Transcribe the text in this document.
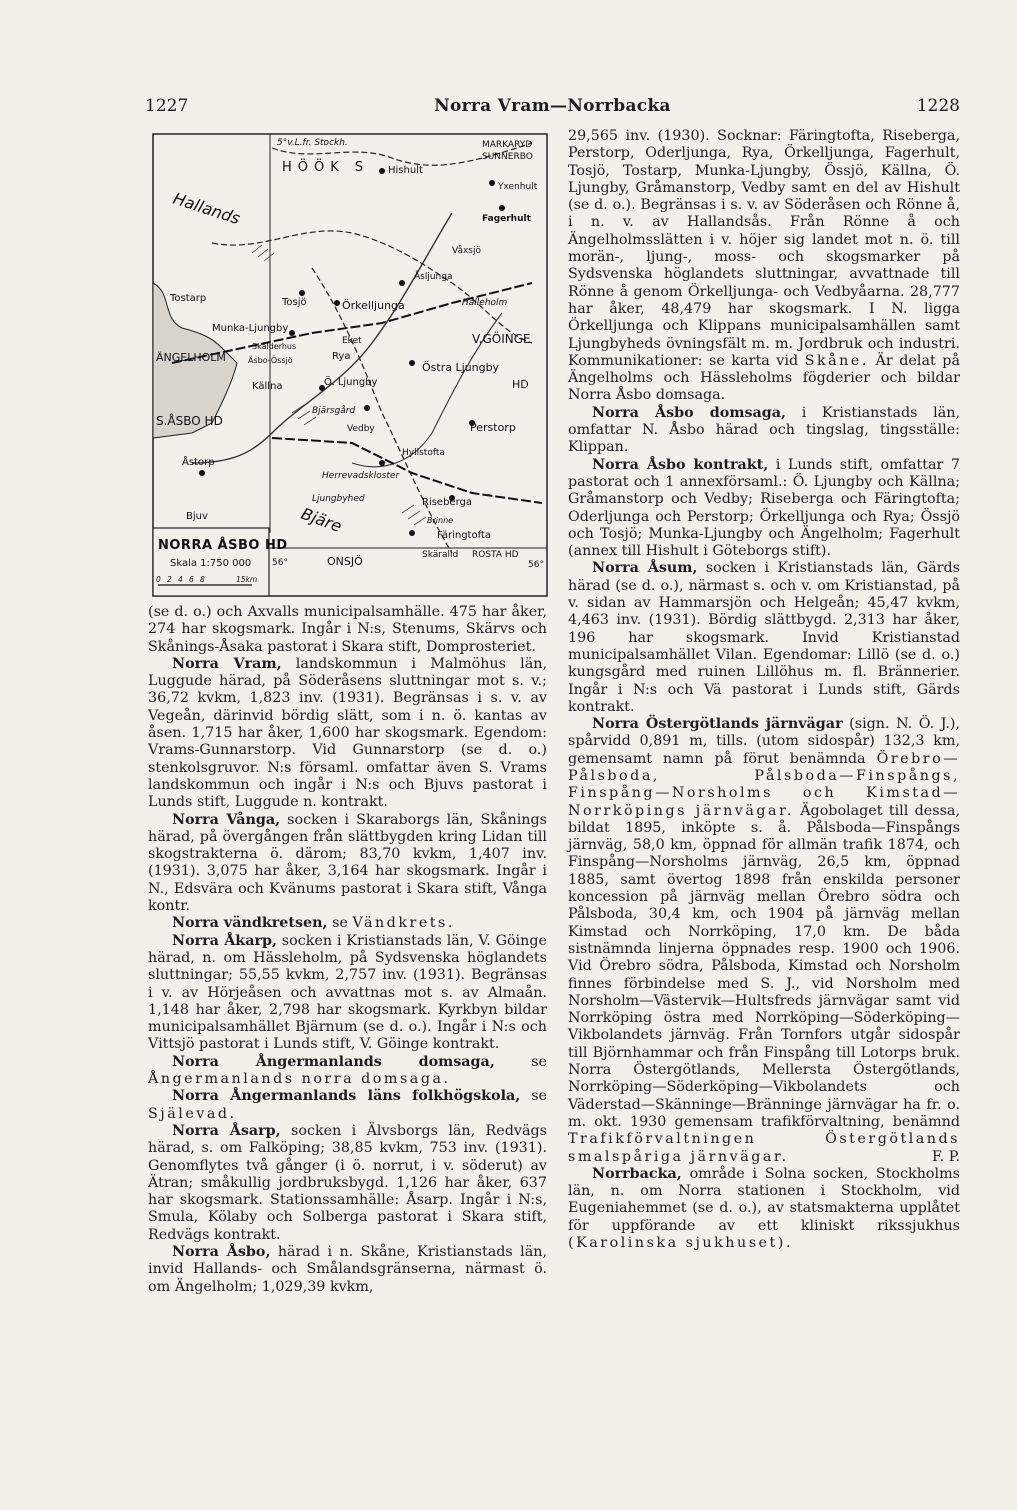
1227	Norra Vram—Norrbacka	1228
5°v.L.fr. Stockh.	MARKARYD
SUNNERBO
V.GÖINGE
S.ÅSBO HD
HD
ÄNGELHOLM
ONSJÖ	ROSTA HD
HÖÖK S
Hallands
Bjäre
Hishult
Yxenhult
Fagerhult
Våxsjö
Åsljunga
Tostarp	Tosjö	Örkelljunga
Munka-Ljungby
Hålleholm
Skälderhus
Äsbo-Össjö
Eket
Rya
Källna	Ö. Ljungby
Bjärsgård
Östra Ljungby
Vedby	Perstorp
Hyllstofta
Ljungbyhed
Herrevadskloster
Riseberga
Färingtofta
Skäralid
Åstorp
Bjuv	Brinne
NORRA ÅSBO HD
Skala 1:750 000
0 2 4 6 8	15km
56°	56°

(se d. o.) och Axvalls municipalsamhälle. 475 har åker, 274 har skogsmark. Ingår i N:s, Stenums, Skärvs och Skånings-Åsaka pastorat i Skara stift, Domprosteriet.

Norra Vram, landskommun i Malmöhus län, Luggude härad, på Söderåsens sluttningar mot s. v.; 36,72 kvkm, 1,823 inv. (1931). Begränsas i s. v. av Vegeån, därinvid bördig slätt, som i n. ö. kantas av åsen. 1,715 har åker, 1,600 har skogsmark. Egendom: Vrams-Gunnarstorp. Vid Gunnarstorp (se d. o.) stenkolsgruvor. N:s församl. omfattar även S. Vrams landskommun och ingår i N:s och Bjuvs pastorat i Lunds stift, Luggude n. kontrakt.

Norra Vånga, socken i Skaraborgs län, Skånings härad, på övergången från slättbygden kring Lidan till skogstrakterna ö. därom; 83,70 kvkm, 1,407 inv. (1931). 3,075 har åker, 3,164 har skogsmark. Ingår i N., Edsvära och Kvänums pastorat i Skara stift, Vånga kontr.

Norra vändkretsen, se Vändkrets.

Norra Åkarp, socken i Kristianstads län, V. Göinge härad, n. om Hässleholm, på Sydsvenska höglandets sluttningar; 55,55 kvkm, 2,757 inv. (1931). Begränsas i v. av Hörjeåsen och avvattnas mot s. av Almaån. 1,148 har åker, 2,798 har skogsmark. Kyrkbyn bildar municipalsamhället Bjärnum (se d. o.). Ingår i N:s och Vittsjö pastorat i Lunds stift, V. Göinge kontrakt.

Norra Ångermanlands domsaga,	se Ångermanlands norra domsaga.

Norra Ångermanlands läns folkhögskola, se Själevad.

Norra Åsarp, socken i Älvsborgs län, Redvägs härad, s. om Falköping; 38,85 kvkm, 753 inv. (1931). Genomflytes två gånger (i ö. norrut, i v. söderut) av Ätran; småkullig jordbruksbygd. 1,126 har åker, 637 har skogsmark. Stationssamhälle: Åsarp. Ingår i N:s, Smula, Kölaby och Solberga pastorat i Skara stift, Redvägs kontrakt.

Norra Åsbo, härad i n. Skåne, Kristianstads län, invid Hallands- och Smålandsgränserna, närmast ö. om Ängelholm; 1,029,39 kvkm,

29,565 inv. (1930). Socknar: Färingtofta, Riseberga, Perstorp, Oderljunga, Rya, Örkelljunga, Fagerhult, Tosjö, Tostarp, Munka-Ljungby, Össjö, Källna, Ö. Ljungby, Gråmanstorp, Vedby samt en del av Hishult (se d. o.). Begränsas i s. v. av Söderåsen och Rönne å, i n. v. av Hallandsås. Från Rönne å och Ängelholmsslätten i v. höjer sig landet mot n. ö. till morän-, ljung-, moss- och skogsmarker på Sydsvenska höglandets sluttningar, avvattnade till Rönne å genom Örkelljunga- och Vedbyåarna. 28,777 har åker, 48,479 har skogsmark. I N. ligga Örkelljunga och Klippans municipalsamhällen samt Ljungbyheds övningsfält m. m. Jordbruk och industri. Kommunikationer: se karta vid Skåne. Är delat på Ängelholms och Hässleholms fögderier och bildar Norra Åsbo domsaga.

Norra Åsbo domsaga, i Kristianstads län, omfattar N. Åsbo härad och tingslag, tingsställe: Klippan.

Norra Åsbo kontrakt, i Lunds stift, omfattar 7 pastorat och 1 annexförsaml.: Ö. Ljungby och Källna; Gråmanstorp och Vedby; Riseberga och Färingtofta; Oderljunga och Perstorp; Örkelljunga och Rya; Össjö och Tosjö; Munka-Ljungby och Ängelholm; Fagerhult (annex till Hishult i Göteborgs stift).

Norra Åsum, socken i Kristianstads län, Gärds härad (se d. o.), närmast s. och v. om Kristianstad, på v. sidan av Hammarsjön och Helgeån; 45,47 kvkm, 4,463 inv. (1931). Bördig slättbygd. 2,313 har åker, 196 har skogsmark. Invid Kristianstad municipalsamhället Vilan. Egendomar: Lillö (se d. o.) kungsgård med ruinen Lillöhus m. fl. Brännerier. Ingår i N:s och Vä pastorat i Lunds stift, Gärds kontrakt.

Norra Östergötlands järnvägar (sign. N. Ö. J.), spårvidd 0,891 m, tills. (utom sidospår) 132,3 km, gemensamt namn på förut benämnda Örebro—Pålsboda, Pålsboda—Finspångs, Finspång—Norsholms och Kimstad—Norrköpings järnvägar. Ägobolaget till dessa, bildat 1895, inköpte s. å. Pålsboda—Finspångs järnväg, 58,0 km, öppnad för allmän trafik 1874, och Finspång—Norsholms järnväg, 26,5 km, öppnad 1885, samt övertog 1898 från enskilda personer koncession på järnväg mellan Örebro södra och Pålsboda, 30,4 km, och 1904 på järnväg mellan Kimstad och Norrköping, 17,0 km. De båda sistnämnda linjerna öppnades resp. 1900 och 1906. Vid Örebro södra, Pålsboda, Kimstad och Norsholm finnes förbindelse med S. J., vid Norsholm med Norsholm—Västervik—Hultsfreds järnvägar samt vid Norrköping östra med Norrköping—Söderköping—Vikbolandets järnväg. Från Tornfors utgår sidospår till Björnhammar och från Finspång till Lotorps bruk. Norra Östergötlands, Mellersta Östergötlands, Norrköping—Söderköping—Vikbolandets och Väderstad—Skänninge—Bränninge järnvägar ha fr. o. m. okt. 1930 gemensam trafikförvaltning, benämnd Trafikförvaltningen Östergötlands smalspåriga järnvägar.	F. P.

Norrbacka, område i Solna socken, Stockholms län, n. om Norra stationen i Stockholm, vid Eugeniahemmet (se d. o.), av statsmakterna upplåtet för uppförande av ett kliniskt rikssjukhus (Karolinska sjukhuset).
